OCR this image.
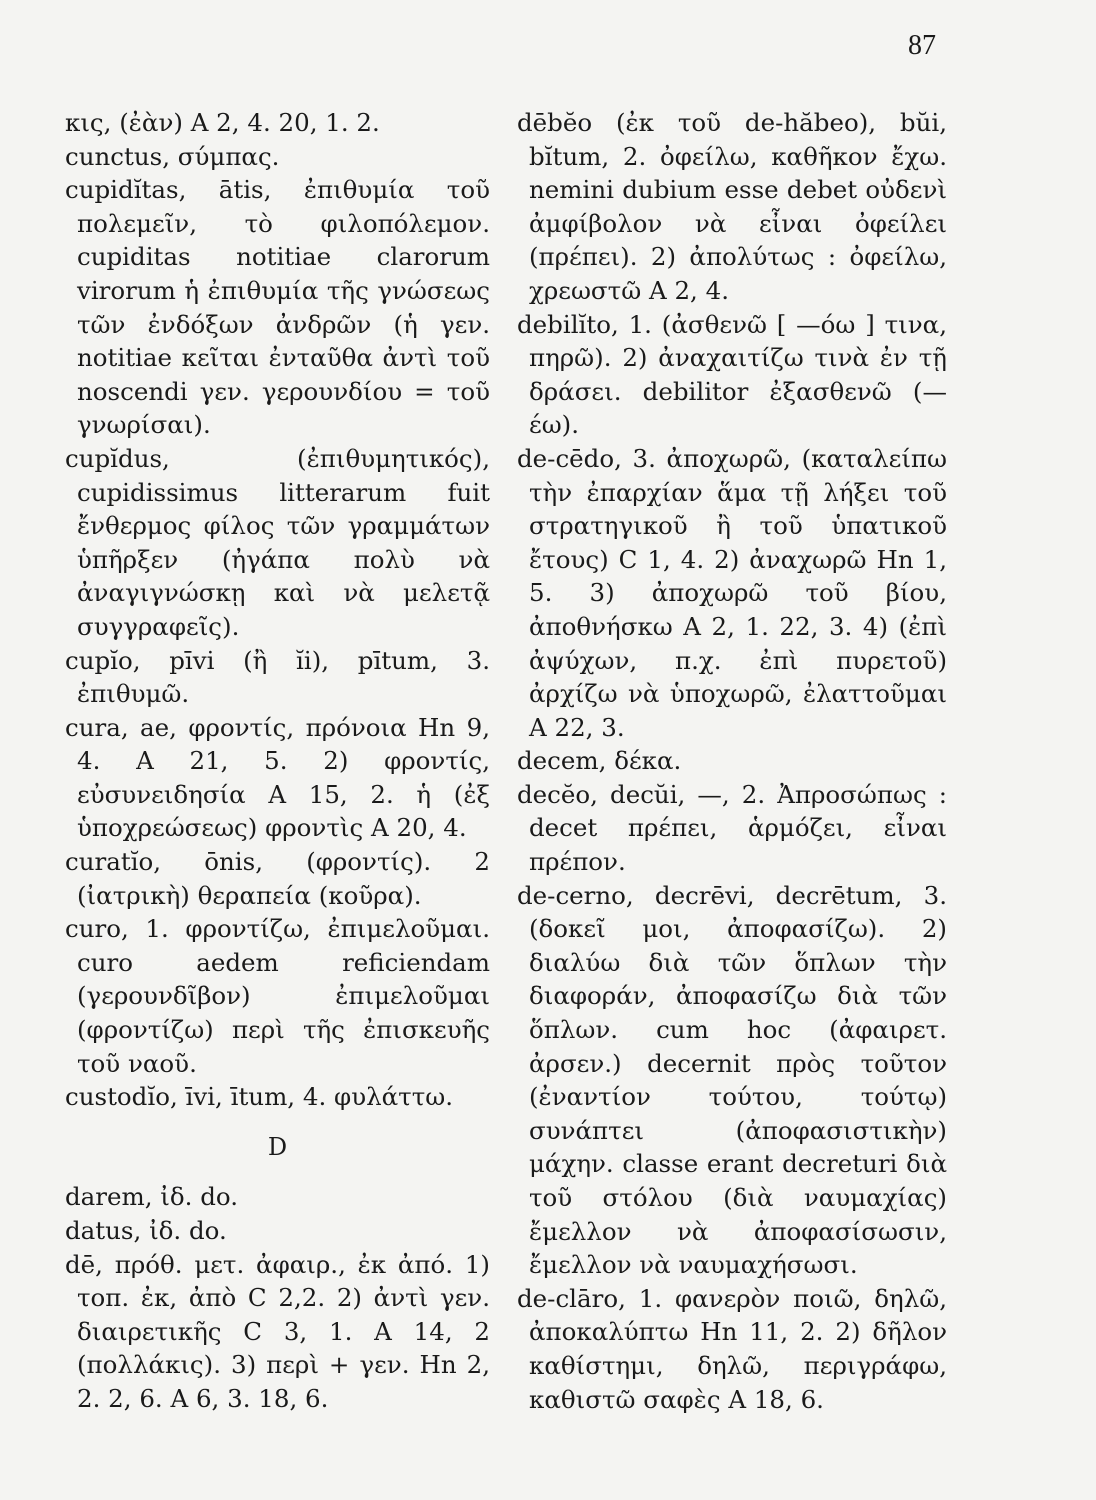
87

κις, (ἐὰν) A 2, 4. 20, 1. 2.

cunctus, σύμπας.

cupidĭtas, ātis, ἐπιθυμία τοῦ πολεμεῖν, τὸ φιλοπόλεμον. cupiditas notitiae clarorum virorum ἡ ἐπιθυμία τῆς γνώσεως τῶν ἐνδόξων ἀνδρῶν (ἡ γεν. notitiae κεῖται ἐνταῦθα ἀντὶ τοῦ noscendi γεν. γερουνδίου = τοῦ γνωρίσαι).

cupĭdus, (ἐπιθυμητικός), cupidissimus litterarum fuit ἔνθερμος φίλος τῶν γραμμάτων ὑπῆρξεν (ἠγάπα πολὺ νὰ ἀναγιγνώσκῃ καὶ νὰ μελετᾷ συγγραφεῖς).

cupĭo, pīvi (ἢ ĭi), pītum, 3. ἐπιθυμῶ.

cura, ae, φροντίς, πρόνοια Hn 9, 4. A 21, 5. 2) φροντίς, εὐσυνειδησία A 15, 2. ἡ (ἐξ ὑποχρεώσεως) φροντὶς A 20, 4.

curatĭo, ōnis, (φροντίς). 2 (ἰατρικὴ) θεραπεία (κοῦρα).

curo, 1. φροντίζω, ἐπιμελοῦμαι. curo aedem reficiendam (γερουνδῖβον) ἐπιμελοῦμαι (φροντίζω) περὶ τῆς ἐπισκευῆς τοῦ ναοῦ.

custodĭo, īvi, ītum, 4. φυλάττω.

D

darem, ἰδ. do.

datus, ἰδ. do.

dē, πρόθ. μετ. ἀφαιρ., ἐκ ἀπό. 1) τοπ. ἐκ, ἀπὸ C 2,2. 2) ἀντὶ γεν. διαιρετικῆς C 3, 1. A 14, 2 (πολλάκις). 3) περὶ + γεν. Hn 2, 2. 2, 6. A 6, 3. 18, 6.

dēbĕo (ἐκ τοῦ de-hăbeo), bŭi, bĭtum, 2. ὀφείλω, καθῆκον ἔχω. nemini dubium esse debet οὐδενὶ ἀμφίβολον νὰ εἶναι ὀφείλει (πρέπει). 2) ἀπολύτως : ὀφείλω, χρεωστῶ A 2, 4.

debilĭto, 1. (ἀσθενῶ [ —όω ] τινα, πηρῶ). 2) ἀναχαιτίζω τινὰ ἐν τῇ δράσει. debilitor ἐξασθενῶ (—έω).

de-cēdo, 3. ἀποχωρῶ, (καταλείπω τὴν ἐπαρχίαν ἅμα τῇ λήξει τοῦ στρατηγικοῦ ἢ τοῦ ὑπατικοῦ ἔτους) C 1, 4. 2) ἀναχωρῶ Hn 1, 5. 3) ἀποχωρῶ τοῦ βίου, ἀποθνήσκω A 2, 1. 22, 3. 4) (ἐπὶ ἀψύχων, π.χ. ἐπὶ πυρετοῦ) ἀρχίζω νὰ ὑποχωρῶ, ἐλαττοῦμαι A 22, 3.

decem, δέκα.

decĕo, decŭi, —, 2. Ἀπροσώπως : decet πρέπει, ἁρμόζει, εἶναι πρέπον.

de-cerno, decrēvi, decrētum, 3. (δοκεῖ μοι, ἀποφασίζω). 2) διαλύω διὰ τῶν ὅπλων τὴν διαφοράν, ἀποφασίζω διὰ τῶν ὅπλων. cum hoc (ἀφαιρετ. ἀρσεν.) decernit πρὸς τοῦτον (ἐναντίον τούτου, τούτῳ) συνάπτει (ἀποφασιστικὴν) μάχην. classe erant decreturi διὰ τοῦ στόλου (διὰ ναυμαχίας) ἔμελλον νὰ ἀποφασίσωσιν, ἔμελλον νὰ ναυμαχήσωσι.

de-clāro, 1. φανερὸν ποιῶ, δηλῶ, ἀποκαλύπτω Hn 11, 2. 2) δῆλον καθίστημι, δηλῶ, περιγράφω, καθιστῶ σαφὲς A 18, 6.
